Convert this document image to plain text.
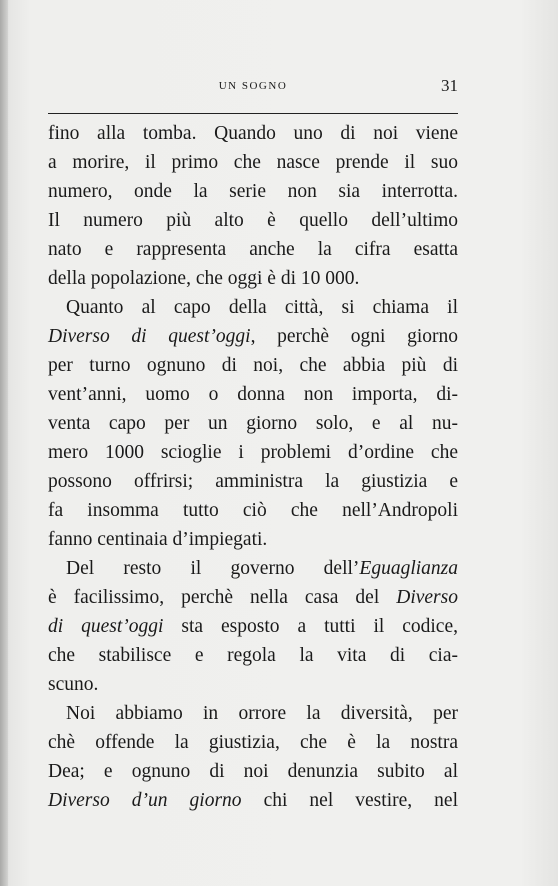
UN SOGNO	31
fino alla tomba. Quando uno di noi viene
a morire, il primo che nasce prende il suo
numero, onde la serie non sia interrotta.
Il numero più alto è quello dell’ultimo
nato e rappresenta anche la cifra esatta
della popolazione, che oggi è di 10 000.
Quanto al capo della città, si chiama il
Diverso di quest’oggi, perchè ogni giorno
per turno ognuno di noi, che abbia più di
vent’anni, uomo o donna non importa, di-
venta capo per un giorno solo, e al nu-
mero 1000 scioglie i problemi d’ordine che
possono offrirsi; amministra la giustizia e
fa insomma tutto ciò che nell’Andropoli
fanno centinaia d’impiegati.
Del resto il governo dell’Eguaglianza
è facilissimo, perchè nella casa del Diverso
di quest’oggi sta esposto a tutti il codice,
che stabilisce e regola la vita di cia-
scuno.
Noi abbiamo in orrore la diversità, per
chè offende la giustizia, che è la nostra
Dea; e ognuno di noi denunzia subito al
Diverso d’un giorno chi nel vestire, nel
